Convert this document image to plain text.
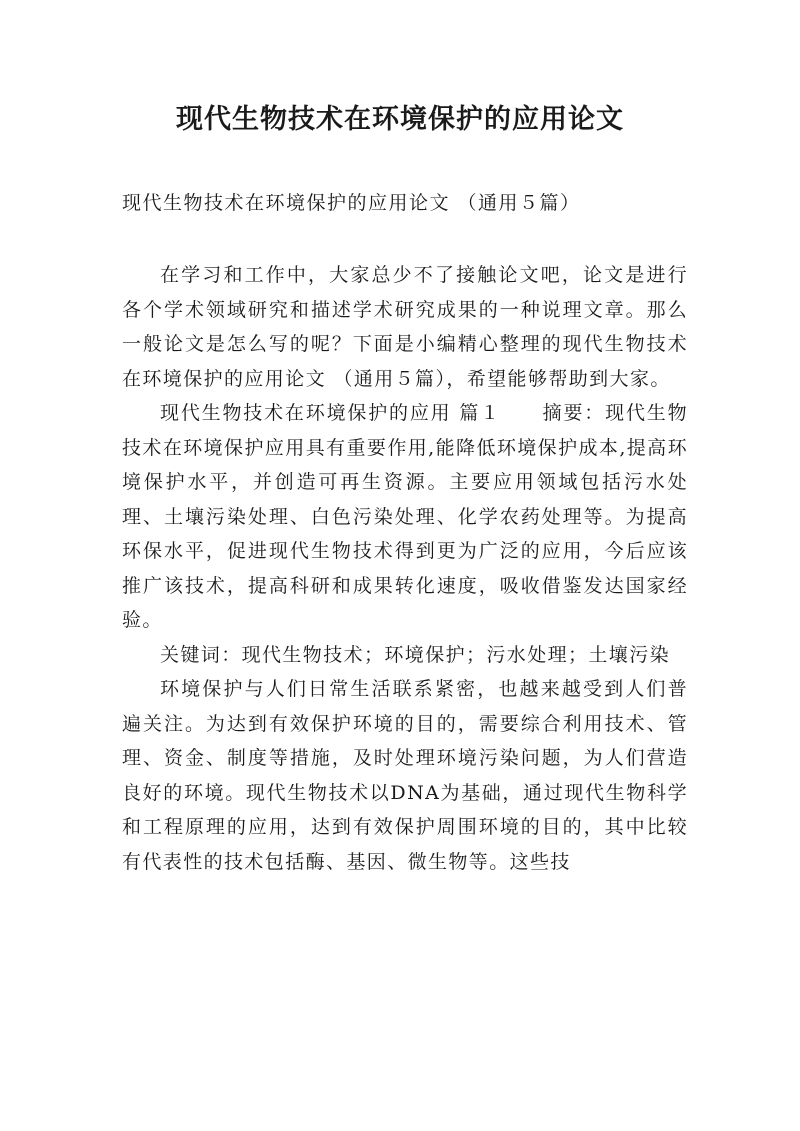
现代生物技术在环境保护的应用论文

现代生物技术在环境保护的应用论文 （通用５篇）

在学习和工作中，大家总少不了接触论文吧，论文是进行各个学术领域研究和描述学术研究成果的一种说理文章。那么一般论文是怎么写的呢？下面是小编精心整理的现代生物技术在环境保护的应用论文 （通用５篇），希望能够帮助到大家。

现代生物技术在环境保护的应用 篇１　　摘要：现代生物技术在环境保护应用具有重要作用,能降低环境保护成本,提高环境保护水平，并创造可再生资源。主要应用领域包括污水处理、土壤污染处理、白色污染处理、化学农药处理等。为提高环保水平，促进现代生物技术得到更为广泛的应用，今后应该推广该技术，提高科研和成果转化速度，吸收借鉴发达国家经验。

关键词：现代生物技术；环境保护；污水处理；土壤污染

环境保护与人们日常生活联系紧密，也越来越受到人们普遍关注。为达到有效保护环境的目的，需要综合利用技术、管理、资金、制度等措施，及时处理环境污染问题，为人们营造良好的环境。现代生物技术以DNA为基础，通过现代生物科学和工程原理的应用，达到有效保护周围环境的目的，其中比较有代表性的技术包括酶、基因、微生物等。这些技
